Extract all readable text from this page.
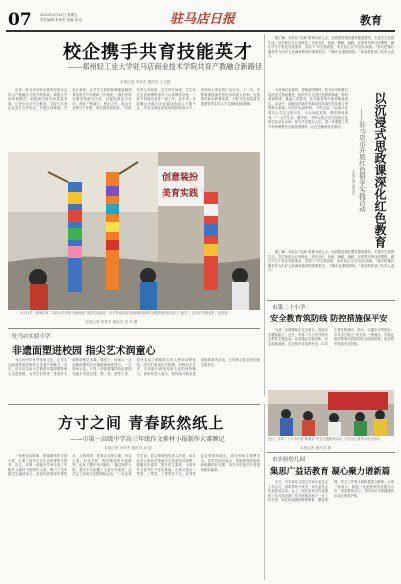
07 2024年4月12日 星期五
责任编辑 李荣杰 美编 田迁	驻马店日报	教育
校企携手共育技能英才
——郑州轻工业大学驻马店商业技术学院共育产教融合新路径
本报记者 李荣杰 通讯员 王文娟

近来，驻马店市职业教育在校企合作与产教融合方面不断探索，构建人才培养新模式，助推地方经济高质量发展。记者在走访中了解到，学院与多家企业签订合作协议，共建实训基地，开设订单班，让学生在校期间就能接触到真实的生产环境和工作流程。“我们坚持以服务发展为宗旨、以促进就业为导向，深化产教融合、校企合作，推动专业链与产业链、岗位链有机衔接。”学院负责人介绍说。在实训车间里，学生们在企业师傅的指导下认真操作设备，一丝不苟地完成每一道工序。近年来，学院累计为地方企业输送技能人才数千名，毕业生就业率持续保持较高水平，得到用人单位的广泛认可。下一步，学院将继续深化校企协同育人机制，完善现代职业教育体系，为驻马店高质量发展提供坚实的人才支撑和技能保障。

创意装扮
美育实践
4月11日，驿城区第二实验小学开展“创意装扮”美育实践活动，孩子们用彩色毛线和废旧材料为校园里的树木穿上“新衣”，在动手中感受美、创造美。
本报记者 李荣杰 通讯员 刘 丹 摄

据了解，该县以“双减”政策为切入点，全面推进课后服务提质增效，丰富学生校园生活。各学校结合自身特色，开设书法、绘画、舞蹈、编程、足球等多种社团课程，满足学生个性化发展需求，实现了“学生愿意留、家长放心交”的良好局面。“我们把课后服务作为办好人民满意教育的重要抓手，不断优化课程供给。”该县教育部门负责人表示。

以沉浸式思政课深化红色教育
——驻马店市开展红色研学实践活动
本报记者 通讯员

为传承红色基因，厚植爱国情怀，驻马店市积极打造沉浸式思政课堂，组织学生走进红色教育基地，聆听革命故事，重温入党誓词，在实地参观中接受精神洗礼。活动中，讲解员声情并茂地讲述革命先烈英勇斗争的感人事迹，同学们认真聆听，不时记录。“以前只在课本上学过这段历史，今天身临其境，感受特别深刻。”一名学生说。据介绍，今年以来全市已组织红色研学活动百余场，参与学生数万人次，进一步增强了青少年的理想信念和家国情怀，让红色精神代代相传。

据了解，该县以“双减”政策为切入点，全面推进课后服务提质增效，丰富学生校园生活。各学校结合自身特色，开设书法、绘画、舞蹈、编程、足球等多种社团课程，满足学生个性化发展需求，实现了“学生愿意留、家长放心交”的良好局面。“我们把课后服务作为办好人民满意教育的重要抓手，不断优化课程供给。”该县教育部门负责人表示。

市第二十小学
安全教育筑防线 防控措施保平安

为进一步增强师生安全意识，提高应急避险能力，近日，市第二十小学开展安全教育主题活动。活动通过专题讲座、应急疏散演练、安全知识竞赛等形式，向学生普及防溺水、防火、交通安全等知识，引导学生树立“安全第一”的理念。学校还组织教师开展校园安全隐患排查，切实筑牢校园安全防线。

近日，市第二十小学开展“防溺水”安全主题教育活动，学生们认真学习安全知识。
本报记者 通讯员 摄
驻马店实验小学
非遗面塑进校园 指尖艺术润童心

为弘扬中华优秀传统文化，让学生近距离感受非物质文化遗产的魅力，近日，驻马店实验小学邀请非遗面塑传承人走进校园，为学生们带来一堂别开生面的面塑艺术课。课堂上，传承人一边讲解面塑的历史渊源和制作技巧，一边现场示范，只见一团团普通的彩色面团在她手中经过揉、搓、捏、挑等工序，很快变成了栩栩如生的人物和动物造型。同学们看得目不转睛，纷纷动手尝试，在体验中感受传统文化的独特魅力。该校负责人表示，将持续开展非遗进校园系列活动，让传统文化在校园里生根发芽。

方寸之间 青春跃然纸上
——市第一高级中学高三年级作文素材小报制作大赛侧记
本报记者 李荣杰 通讯员 孙 欣

一张张色彩鲜明、排版精美的手抄小报，汇聚了同学们对生活的观察与思考。近日，市第一高级中学举办高三年级作文素材小报制作大赛，吸引了全年级学生踊跃参与。参赛作品围绕时事热点、人物风采、经典名句等主题，内容丰富，形式多样，既有精美的手绘插图，也有工整的书法摘抄。“通过制作小报，我们不仅积累了大量写作素材，还学会了如何分类整理和运用。”一位参赛学生说。语文教研组负责人介绍，举办此次大赛旨在帮助学生拓宽阅读视野、积累写作素材、提升语文素养，为高考作文备考打下坚实基础。比赛评选出一等奖、二等奖、三等奖若干名，优秀作品在校园内展出，供全体师生观摩学习。同学们纷纷表示，将继续保持阅读和积累的好习惯，用手中的笔书写青春的精彩篇章。

市实验幼儿园
集思广益话教育 凝心聚力谱新篇

近日，市实验幼儿园召开家长委员会工作会议，园领导班子成员、家长委员会代表参加会议。会上，园长向家长代表通报了幼儿园近期工作开展情况和下一步工作计划，家长代表围绕保育教育、膳食管理、安全工作等方面积极建言献策。大家一致表示，将进一步加强家园沟通与合作，形成教育合力，共同为幼儿的健康快乐成长保驾护航。
